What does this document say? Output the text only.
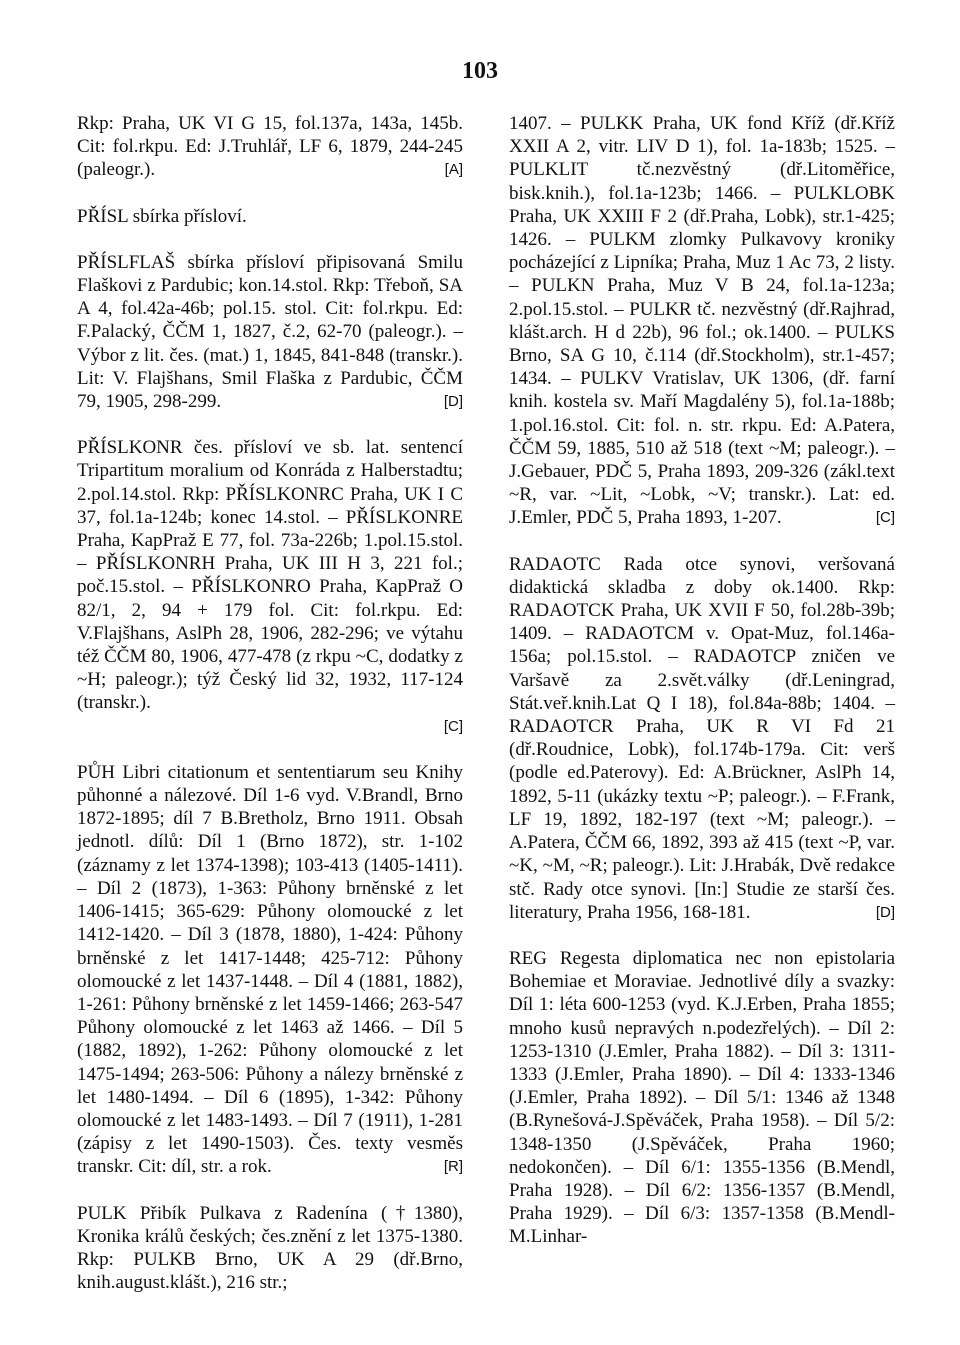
103
Rkp: Praha, UK VI G 15, fol.137a, 143a, 145b. Cit: fol.rkpu. Ed: J.Truhlář, LF 6, 1879, 244-245 (paleogr.).	[A]
PŘÍSL sbírka přísloví.
PŘÍSLFLAŠ sbírka přísloví připisovaná Smilu Flaškovi z Pardubic; kon.14.stol. Rkp: Třeboň, SA A 4, fol.42a-46b; pol.15. stol. Cit: fol.rkpu. Ed: F.Palacký, ČČM 1, 1827, č.2, 62-70 (paleogr.). – Výbor z lit. čes. (mat.) 1, 1845, 841-848 (transkr.). Lit: V. Flajšhans, Smil Flaška z Pardubic, ČČM 79, 1905, 298-299.	[D]
PŘÍSLKONR čes. přísloví ve sb. lat. sentencí Tripartitum moralium od Konráda z Halberstadtu; 2.pol.14.stol. Rkp: PŘÍSLKONRC Praha, UK I C 37, fol.1a-124b; konec 14.stol. – PŘÍSLKONRE Praha, KapPraž E 77, fol. 73a-226b; 1.pol.15.stol. – PŘÍSLKONRH Praha, UK III H 3, 221 fol.; poč.15.stol. – PŘÍSLKONRO Praha, KapPraž O 82/1, 2, 94 + 179 fol. Cit: fol.rkpu. Ed: V.Flajšhans, AslPh 28, 1906, 282-296; ve výtahu též ČČM 80, 1906, 477-478 (z rkpu ~C, dodatky z ~H; paleogr.); týž Český lid 32, 1932, 117-124 (transkr.).
[C]
PŮH Libri citationum et sententiarum seu Knihy půhonné a nálezové. Díl 1-6 vyd. V.Brandl, Brno 1872-1895; díl 7 B.Bretholz, Brno 1911. Obsah jednotl. dílů: Díl 1 (Brno 1872), str. 1-102 (záznamy z let 1374-1398); 103-413 (1405-1411). – Díl 2 (1873), 1-363: Půhony brněnské z let 1406-1415; 365-629: Půhony olomoucké z let 1412-1420. – Díl 3 (1878, 1880), 1-424: Půhony brněnské z let 1417-1448; 425-712: Půhony olomoucké z let 1437-1448. – Díl 4 (1881, 1882), 1-261: Půhony brněnské z let 1459-1466; 263-547 Půhony olomoucké z let 1463 až 1466. – Díl 5 (1882, 1892), 1-262: Půhony olomoucké z let 1475-1494; 263-506: Půhony a nálezy brněnské z let 1480-1494. – Díl 6 (1895), 1-342: Půhony olomoucké z let 1483-1493. – Díl 7 (1911), 1-281 (zápisy z let 1490-1503). Čes. texty vesměs transkr. Cit: díl, str. a rok.	[R]
PULK Přibík Pulkava z Radenína (†1380), Kronika králů českých; čes.znění z let 1375-1380. Rkp: PULKB Brno, UK A 29 (dř.Brno, knih.august.klášt.), 216 str.;
1407. – PULKK Praha, UK fond Kříž (dř.Kříž XXII A 2, vitr. LIV D 1), fol. 1a-183b; 1525. – PULKLIT tč.nezvěstný (dř.Litoměřice, bisk.knih.), fol.1a-123b; 1466. – PULKLOBK Praha, UK XXIII F 2 (dř.Praha, Lobk), str.1-425; 1426. – PULKM zlomky Pulkavovy kroniky pocházející z Lipníka; Praha, Muz 1 Ac 73, 2 listy. – PULKN Praha, Muz V B 24, fol.1a-123a; 2.pol.15.stol. – PULKR tč. nezvěstný (dř.Rajhrad, klášt.arch. H d 22b), 96 fol.; ok.1400. – PULKS Brno, SA G 10, č.114 (dř.Stockholm), str.1-457; 1434. – PULKV Vratislav, UK 1306, (dř. farní knih. kostela sv. Maří Magdalény 5), fol.1a-188b; 1.pol.16.stol. Cit: fol. n. str. rkpu. Ed: A.Patera, ČČM 59, 1885, 510 až 518 (text ~M; paleogr.). – J.Gebauer, PDČ 5, Praha 1893, 209-326 (zákl.text ~R, var. ~Lit, ~Lobk, ~V; transkr.). Lat: ed. J.Emler, PDČ 5, Praha 1893, 1-207.	[C]
RADAOTC Rada otce synovi, veršovaná didaktická skladba z doby ok.1400. Rkp: RADAOTCK Praha, UK XVII F 50, fol.28b-39b; 1409. – RADAOTCM v. Opat-Muz, fol.146a-156a; pol.15.stol. – RADAOTCP zničen ve Varšavě za 2.svět.války (dř.Leningrad, Stát.veř.knih.Lat Q I 18), fol.84a-88b; 1404. – RADAOTCR Praha, UK R VI Fd 21 (dř.Roudnice, Lobk), fol.174b-179a. Cit: verš (podle ed.Paterovy). Ed: A.Brückner, AslPh 14, 1892, 5-11 (ukázky textu ~P; paleogr.). – F.Frank, LF 19, 1892, 182-197 (text ~M; paleogr.). – A.Patera, ČČM 66, 1892, 393 až 415 (text ~P, var. ~K, ~M, ~R; paleogr.). Lit: J.Hrabák, Dvě redakce stč. Rady otce synovi. [In:] Studie ze starší čes. literatury, Praha 1956, 168-181.	[D]
REG Regesta diplomatica nec non epistolaria Bohemiae et Moraviae. Jednotlivé díly a svazky: Díl 1: léta 600-1253 (vyd. K.J.Erben, Praha 1855; mnoho kusů nepravých n.podezřelých). – Díl 2: 1253-1310 (J.Emler, Praha 1882). – Díl 3: 1311-1333 (J.Emler, Praha 1890). – Díl 4: 1333-1346 (J.Emler, Praha 1892). – Díl 5/1: 1346 až 1348 (B.Rynešová-J.Spěváček, Praha 1958). – Díl 5/2: 1348-1350 (J.Spěváček, Praha 1960; nedokončen). – Díl 6/1: 1355-1356 (B.Mendl, Praha 1928). – Díl 6/2: 1356-1357 (B.Mendl, Praha 1929). – Díl 6/3: 1357-1358 (B.Mendl-M.Linhar-
